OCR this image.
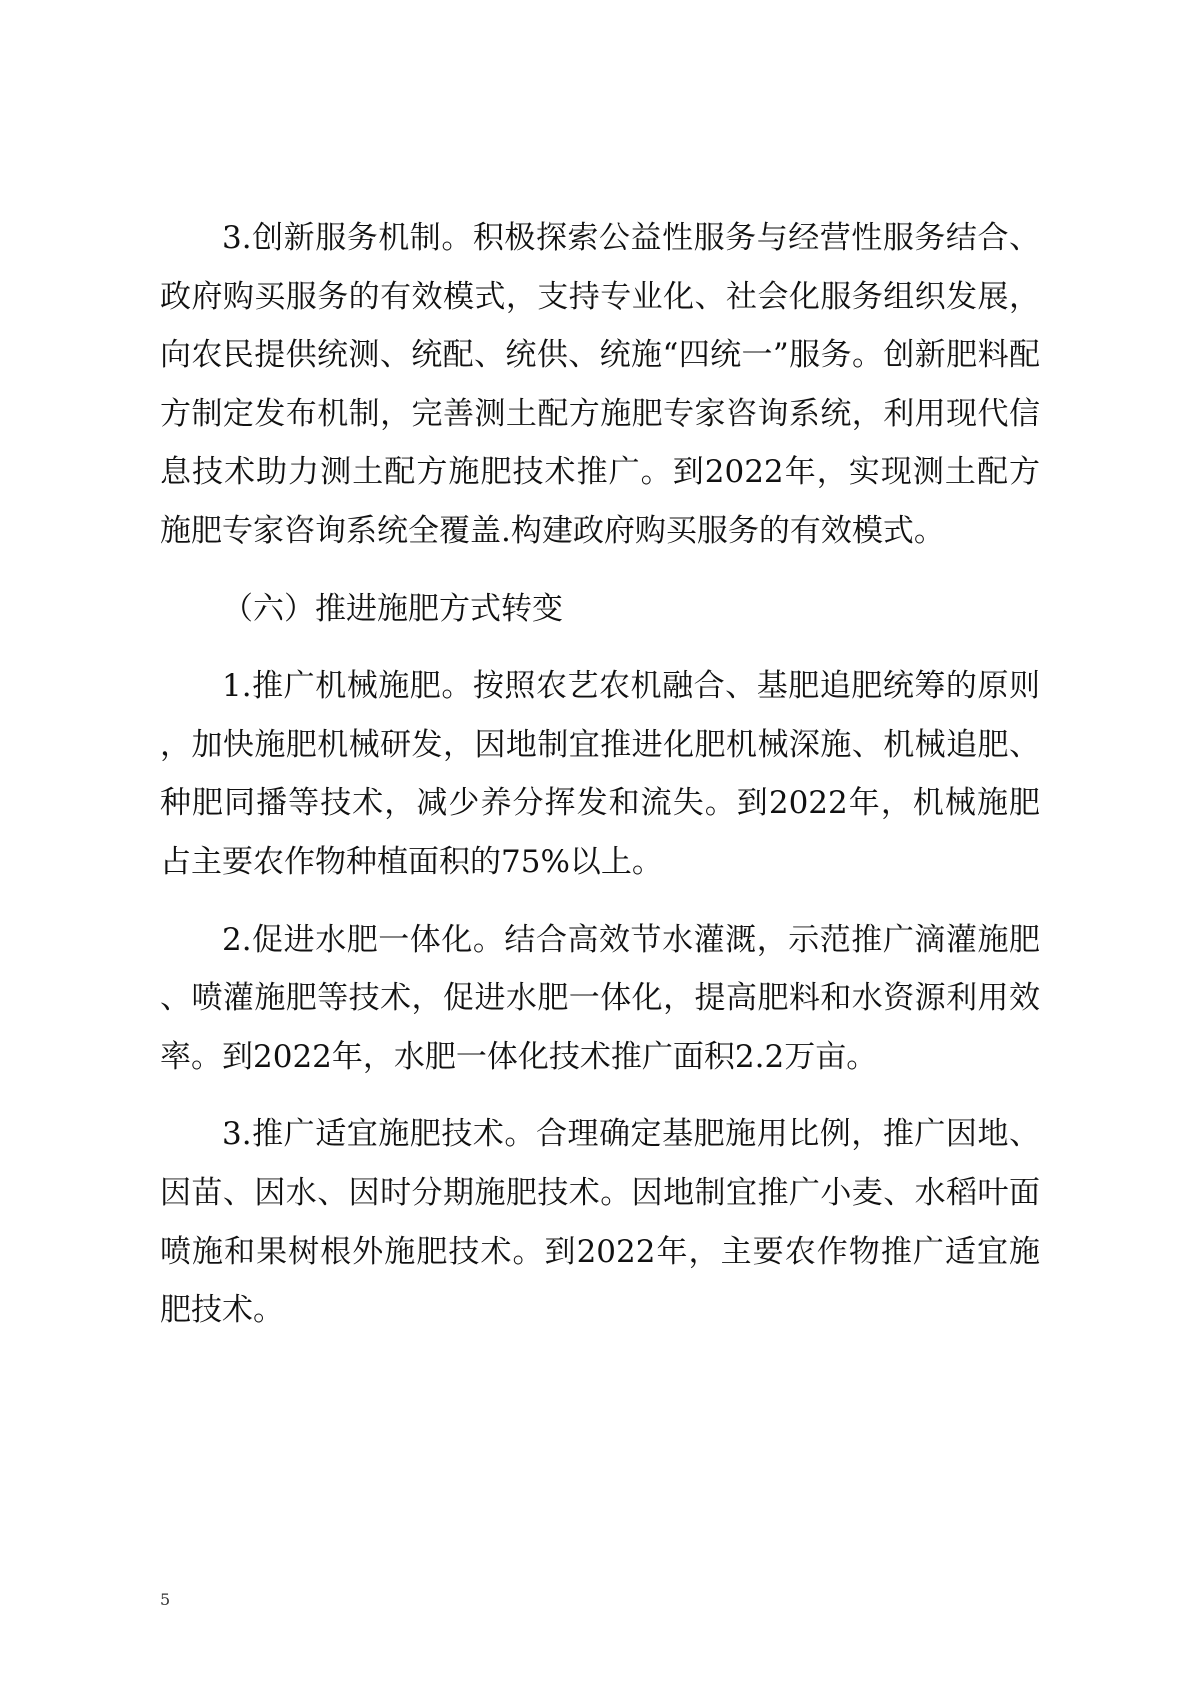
3.创新服务机制。积极探索公益性服务与经营性服务结合、政府购买服务的有效模式，支持专业化、社会化服务组织发展，向农民提供统测、统配、统供、统施“四统一”服务。创新肥料配方制定发布机制，完善测土配方施肥专家咨询系统，利用现代信息技术助力测土配方施肥技术推广。到2022年，实现测土配方施肥专家咨询系统全覆盖.构建政府购买服务的有效模式。

（六）推进施肥方式转变

1.推广机械施肥。按照农艺农机融合、基肥追肥统筹的原则，加快施肥机械研发，因地制宜推进化肥机械深施、机械追肥、种肥同播等技术，减少养分挥发和流失。到2022年，机械施肥占主要农作物种植面积的75%以上。

2.促进水肥一体化。结合高效节水灌溉，示范推广滴灌施肥、喷灌施肥等技术，促进水肥一体化，提高肥料和水资源利用效率。到2022年，水肥一体化技术推广面积2.2万亩。

3.推广适宜施肥技术。合理确定基肥施用比例，推广因地、因苗、因水、因时分期施肥技术。因地制宜推广小麦、水稻叶面喷施和果树根外施肥技术。到2022年，主要农作物推广适宜施肥技术。

5
